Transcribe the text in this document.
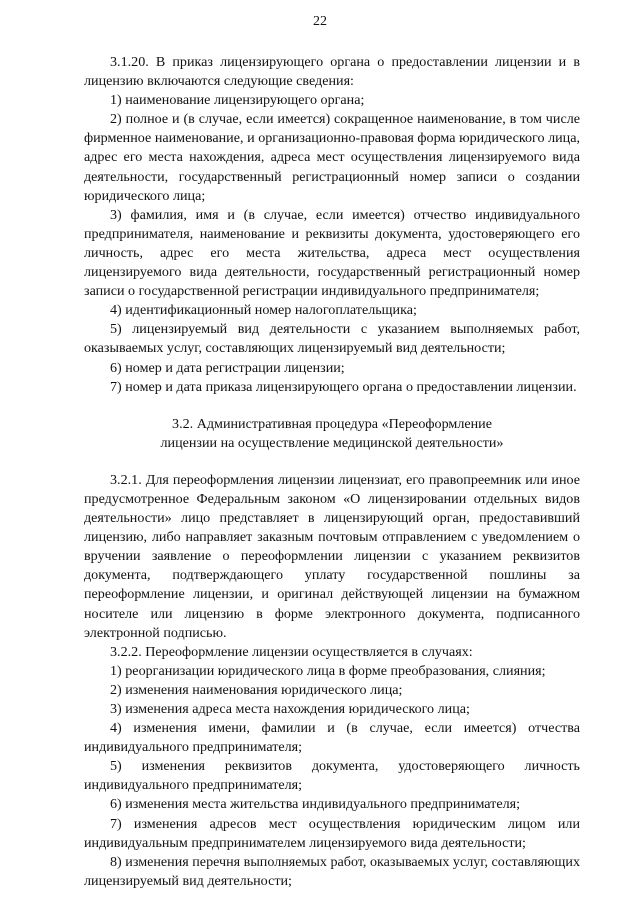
22

3.1.20. В приказ лицензирующего органа о предоставлении лицензии и в лицензию включаются следующие сведения:

1) наименование лицензирующего органа;

2) полное и (в случае, если имеется) сокращенное наименование, в том числе фирменное наименование, и организационно-правовая форма юридического лица, адрес его места нахождения, адреса мест осуществления лицензируемого вида деятельности, государственный регистрационный номер записи о создании юридического лица;

3) фамилия, имя и (в случае, если имеется) отчество индивидуального предпринимателя, наименование и реквизиты документа, удостоверяющего его личность, адрес его места жительства, адреса мест осуществления лицензируемого вида деятельности, государственный регистрационный номер записи о государственной регистрации индивидуального предпринимателя;

4) идентификационный номер налогоплательщика;

5) лицензируемый вид деятельности с указанием выполняемых работ, оказываемых услуг, составляющих лицензируемый вид деятельности;

6) номер и дата регистрации лицензии;

7) номер и дата приказа лицензирующего органа о предоставлении лицензии.

3.2. Административная процедура «Переоформление
лицензии на осуществление медицинской деятельности»

3.2.1. Для переоформления лицензии лицензиат, его правопреемник или иное предусмотренное Федеральным законом «О лицензировании отдельных видов деятельности» лицо представляет в лицензирующий орган, предоставивший лицензию, либо направляет заказным почтовым отправлением с уведомлением о вручении заявление о переоформлении лицензии с указанием реквизитов документа, подтверждающего уплату государственной пошлины за переоформление лицензии, и оригинал действующей лицензии на бумажном носителе или лицензию в форме электронного документа, подписанного электронной подписью.

3.2.2. Переоформление лицензии осуществляется в случаях:

1) реорганизации юридического лица в форме преобразования, слияния;

2) изменения наименования юридического лица;

3) изменения адреса места нахождения юридического лица;

4) изменения имени, фамилии и (в случае, если имеется) отчества индивидуального предпринимателя;

5) изменения реквизитов документа, удостоверяющего личность индивидуального предпринимателя;

6) изменения места жительства индивидуального предпринимателя;

7) изменения адресов мест осуществления юридическим лицом или индивидуальным предпринимателем лицензируемого вида деятельности;

8) изменения перечня выполняемых работ, оказываемых услуг, составляющих лицензируемый вид деятельности;
